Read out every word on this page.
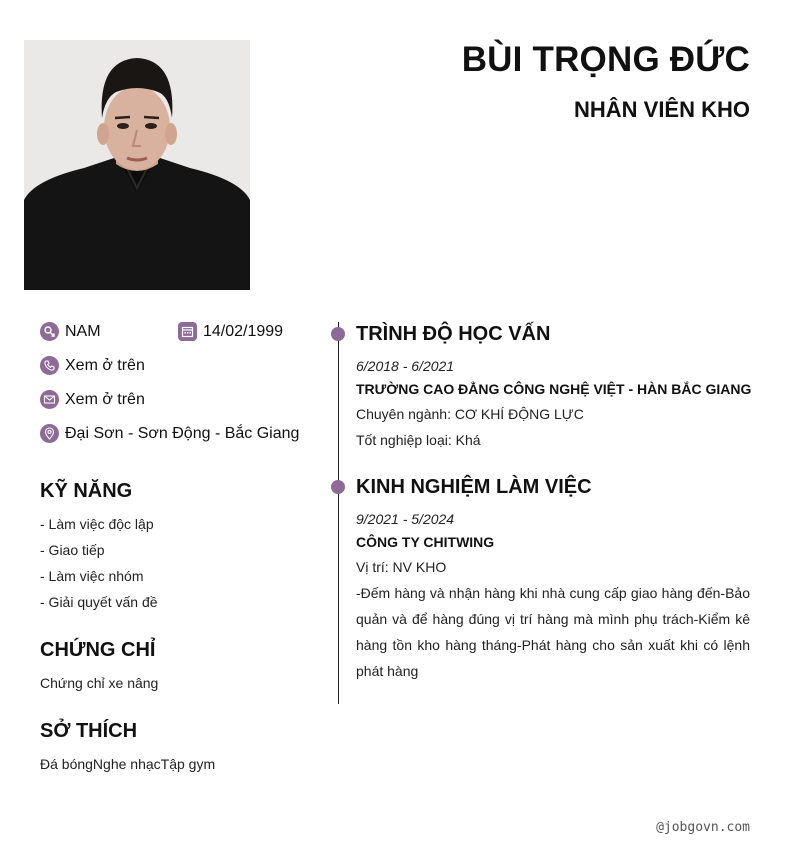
BÙI TRỌNG ĐỨC
NHÂN VIÊN KHO
NAM	14/02/1999
Xem ở trên
Xem ở trên
Đại Sơn - Sơn Động - Bắc Giang
KỸ NĂNG
- Làm việc độc lập
- Giao tiếp
- Làm việc nhóm
- Giải quyết vấn đề
CHỨNG CHỈ
Chứng chỉ xe nâng
SỞ THÍCH
Đá bóngNghe nhạcTập gym
TRÌNH ĐỘ HỌC VẤN
6/2018 - 6/2021
TRƯỜNG CAO ĐẲNG CÔNG NGHỆ VIỆT - HÀN BẮC GIANG
Chuyên ngành: CƠ KHÍ ĐỘNG LỰC
Tốt nghiệp loại: Khá
KINH NGHIỆM LÀM VIỆC
9/2021 - 5/2024
CÔNG TY CHITWING
Vị trí: NV KHO

-Đếm hàng và nhận hàng khi nhà cung cấp giao hàng đến-Bảo quản và để hàng đúng vị trí hàng mà mình phụ trách-Kiểm kê hàng tồn kho hàng tháng-Phát hàng cho sản xuất khi có lệnh phát hàng

@jobgovn.com
